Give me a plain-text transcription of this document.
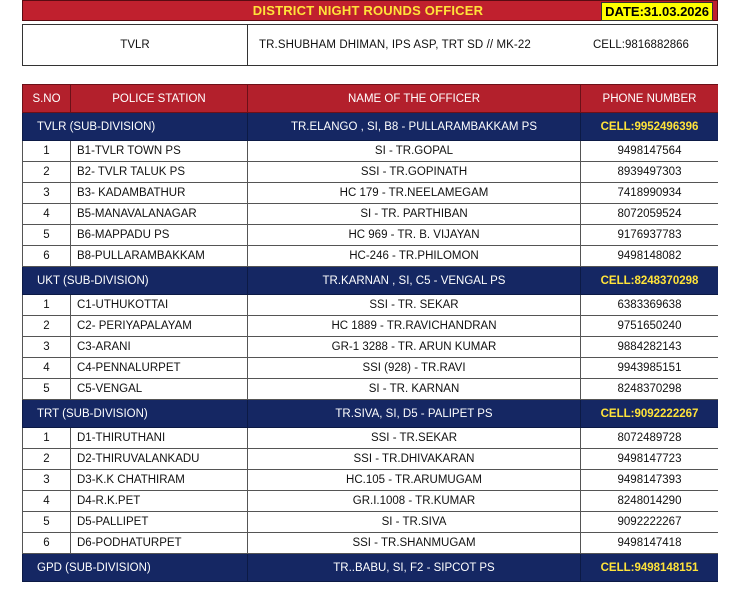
DISTRICT NIGHT ROUNDS OFFICER	DATE:31.03.2026
TVLR	TR.SHUBHAM DHIMAN, IPS ASP, TRT SD // MK-22	CELL:9816882866
S.NO	POLICE STATION	NAME OF THE OFFICER	PHONE NUMBER
TVLR (SUB-DIVISION)		TR.ELANGO , SI, B8 - PULLARAMBAKKAM PS	CELL:9952496396
1	B1-TVLR TOWN PS	SI - TR.GOPAL	9498147564
2	B2- TVLR TALUK PS	SSI - TR.GOPINATH	8939497303
3	B3- KADAMBATHUR	HC 179 - TR.NEELAMEGAM	7418990934
4	B5-MANAVALANAGAR	SI - TR. PARTHIBAN	8072059524
5	B6-MAPPADU PS	HC 969 - TR. B. VIJAYAN	9176937783
6	B8-PULLARAMBAKKAM	HC-246 - TR.PHILOMON	9498148082
UKT (SUB-DIVISION)		TR.KARNAN , SI, C5 - VENGAL PS	CELL:8248370298
1	C1-UTHUKOTTAI	SSI - TR. SEKAR	6383369638
2	C2- PERIYAPALAYAM	HC 1889 - TR.RAVICHANDRAN	9751650240
3	C3-ARANI	GR-1 3288 - TR. ARUN KUMAR	9884282143
4	C4-PENNALURPET	SSI (928) - TR.RAVI	9943985151
5	C5-VENGAL	SI - TR. KARNAN	8248370298
TRT (SUB-DIVISION)		TR.SIVA, SI, D5 - PALIPET PS	CELL:9092222267
1	D1-THIRUTHANI	SSI - TR.SEKAR	8072489728
2	D2-THIRUVALANKADU	SSI - TR.DHIVAKARAN	9498147723
3	D3-K.K CHATHIRAM	HC.105 - TR.ARUMUGAM	9498147393
4	D4-R.K.PET	GR.I.1008 - TR.KUMAR	8248014290
5	D5-PALLIPET	SI - TR.SIVA	9092222267
6	D6-PODHATURPET	SSI - TR.SHANMUGAM	9498147418
GPD (SUB-DIVISION)		TR..BABU, SI, F2 - SIPCOT PS	CELL:9498148151
